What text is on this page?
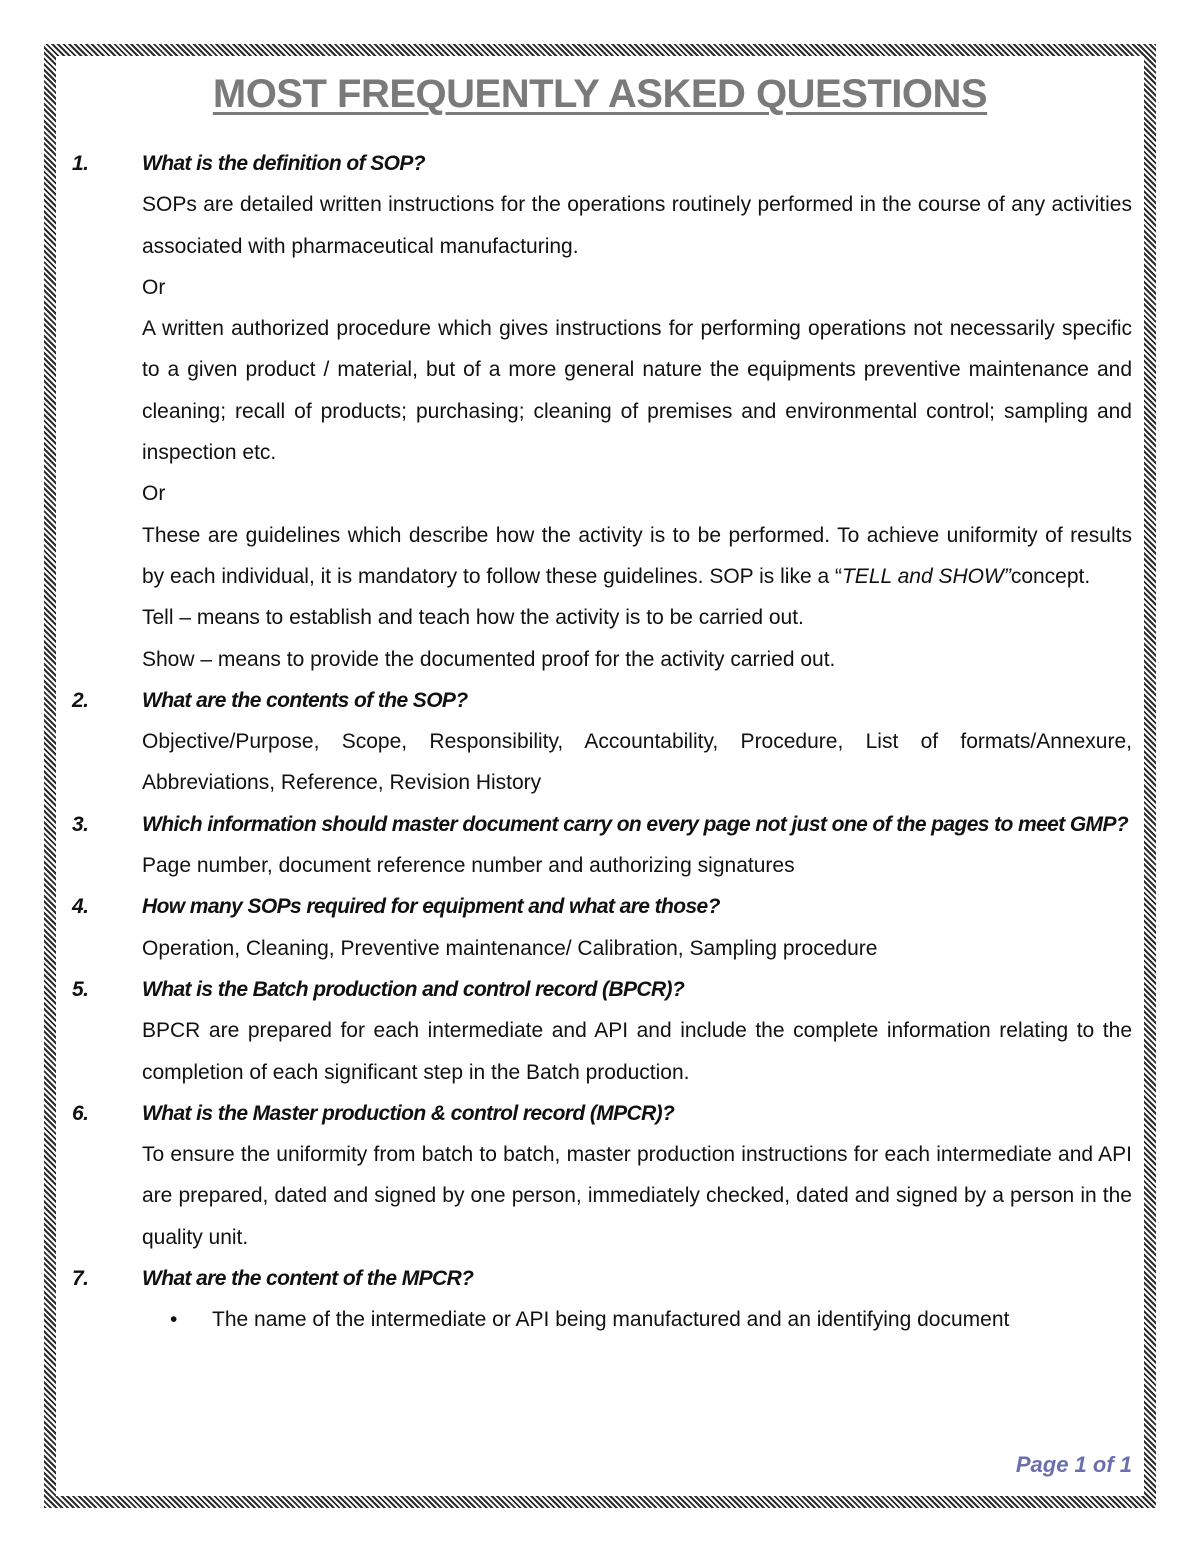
MOST FREQUENTLY ASKED QUESTIONS
1.	What is the definition of SOP?
SOPs are detailed written instructions for the operations routinely performed in the course of any activities associated with pharmaceutical manufacturing.
Or
A written authorized procedure which gives instructions for performing operations not necessarily specific to a given product / material, but of a more general nature the equipments preventive maintenance and cleaning; recall of products; purchasing; cleaning of premises and environmental control; sampling and inspection etc.
Or
These are guidelines which describe how the activity is to be performed. To achieve uniformity of results by each individual, it is mandatory to follow these guidelines. SOP is like a “TELL and SHOW”concept.
Tell – means to establish and teach how the activity is to be carried out.
Show – means to provide the documented proof for the activity carried out.
2.	What are the contents of the SOP?
Objective/Purpose, Scope, Responsibility, Accountability, Procedure, List of formats/Annexure, Abbreviations, Reference, Revision History
3.	Which information should master document carry on every page not just one of the pages to meet GMP?
Page number, document reference number and authorizing signatures
4.	How many SOPs required for equipment and what are those?
Operation, Cleaning, Preventive maintenance/ Calibration, Sampling procedure
5.	What is the Batch production and control record (BPCR)?
BPCR are prepared for each intermediate and API and include the complete information relating to the completion of each significant step in the Batch production.
6.	What is the Master production & control record (MPCR)?
To ensure the uniformity from batch to batch, master production instructions for each intermediate and API are prepared, dated and signed by one person, immediately checked, dated and signed by a person in the quality unit.
7.	What are the content of the MPCR?
•	The name of the intermediate or API being manufactured and an identifying document
Page 1 of 1
